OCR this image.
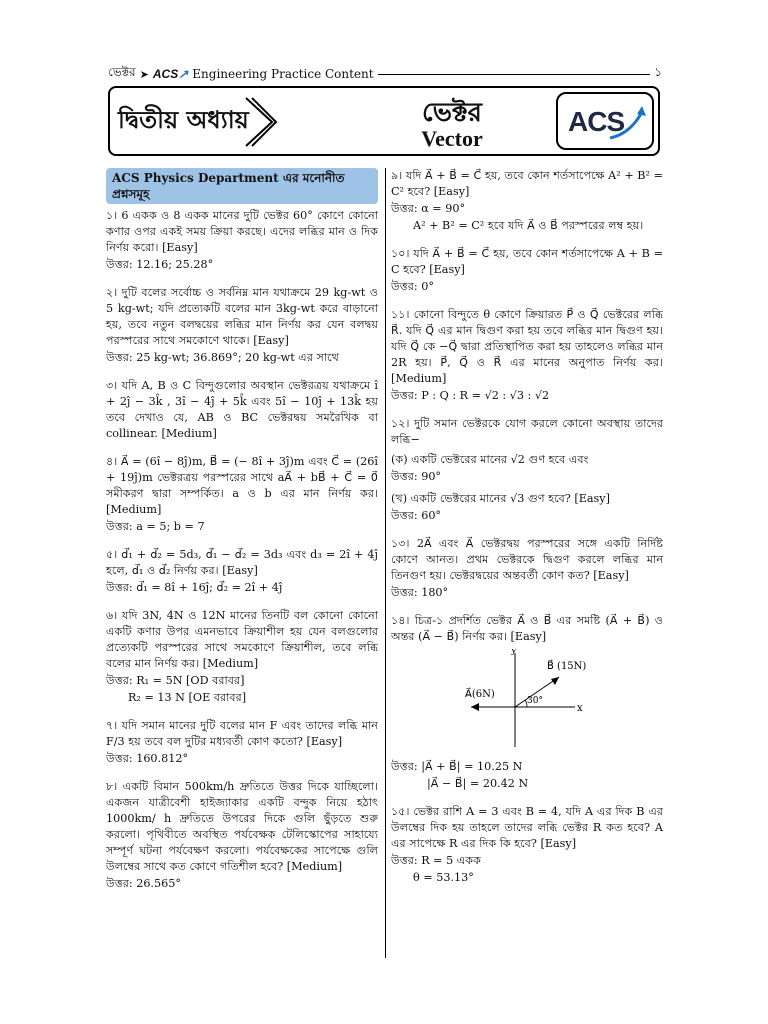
ভেক্টর ➤ ACS↗ Engineering Practice Content	১
দ্বিতীয় অধ্যায়	ভেক্টর
Vector
ACS
ACS Physics Department এর মনোনীত প্রশ্নসমূহ
১। 6 একক ও 8 একক মানের দুটি ভেক্টর 60° কোণে কোনো কণার ওপর একই সময় ক্রিয়া করছে। এদের লব্ধির মান ও দিক নির্ণয় করো। [Easy]
উত্তর: 12.16; 25.28°
২। দুটি বলের সর্বোচ্চ ও সর্বনিম্ন মান যথাক্রমে 29 kg-wt ও 5 kg-wt; যদি প্রত্যেকটি বলের মান 3kg-wt করে বাড়ানো হয়, তবে নতুন বলদ্বয়ের লব্ধির মান নির্ণয় কর যেন বলদ্বয় পরস্পরের সাথে সমকোণে থাকে। [Easy]
উত্তর: 25 kg-wt; 36.869°; 20 kg-wt এর সাথে
৩। যদি A, B ও C বিন্দুগুলোর অবস্থান ভেক্টরত্রয় যথাক্রমে î + 2ĵ − 3k̂ , 3î − 4ĵ + 5k̂ এবং 5î − 10ĵ + 13k̂ হয় তবে দেখাও যে, AB ও BC ভেক্টরদ্বয় সমরৈখিক বা collinear. [Medium]
৪। A⃗ = (6î − 8ĵ)m, B⃗ = (− 8î + 3ĵ)m এবং C⃗ = (26î + 19ĵ)m ভেক্টরত্রয় পরস্পরের সাথে aA⃗ + bB⃗ + C⃗ = 0⃗ সমীকরণ দ্বারা সম্পর্কিত। a ও b এর মান নির্ণয় কর। [Medium]
উত্তর: a = 5; b = 7
৫। d⃗₁ + d⃗₂ = 5d₃, d⃗₁ − d⃗₂ = 3d₃ এবং d₃ = 2î + 4ĵ হলে, d⃗₁ ও d⃗₂ নির্ণয় কর। [Easy]
উত্তর: d⃗₁ = 8î + 16ĵ; d⃗₂ = 2î + 4ĵ
৬। যদি 3N, 4N ও 12N মানের তিনটি বল কোনো কোনো একটি কণার উপর এমনভাবে ক্রিয়াশীল হয় যেন বলগুলোর প্রত্যেকটি পরস্পরের সাথে সমকোণে ক্রিয়াশীল, তবে লব্ধি বলের মান নির্ণয় কর। [Medium]
উত্তর: R₁ = 5N [OD বরাবর]
R₂ = 13 N [OE বরাবর]
৭। যদি সমান মানের দুটি বলের মান F এবং তাদের লব্ধি মান F/3 হয় তবে বল দুটির মধ্যবর্তী কোণ কতো? [Easy]
উত্তর: 160.812°
৮। একটি বিমান 500km/h দ্রুতিতে উত্তর দিকে যাচ্ছিলো। একজন যাত্রীবেশী হাইজ্যাকার একটি বন্দুক নিয়ে হঠাৎ 1000km/ h দ্রুতিতে উপরের দিকে গুলি ছুঁড়তে শুরু করলো। পৃথিবীতে অবস্থিত পর্যবেক্ষক টেলিস্কোপের সাহায্যে সম্পূর্ণ ঘটনা পর্যবেক্ষণ করলো। পর্যবেক্ষকের সাপেক্ষে গুলি উলম্বের সাথে কত কোণে গতিশীল হবে? [Medium]
উত্তর: 26.565°
৯। যদি A⃗ + B⃗ = C⃗ হয়, তবে কোন শর্তসাপেক্ষে A² + B² = C² হবে? [Easy]
উত্তর: α = 90°
A² + B² = C² হবে যদি A⃗ ও B⃗ পরস্পরের লম্ব হয়।
১০। যদি A⃗ + B⃗ = C⃗ হয়, তবে কোন শর্তসাপেক্ষে A + B = C হবে? [Easy]
উত্তর: 0°
১১। কোনো বিন্দুতে θ কোণে ক্রিয়ারত P⃗ ও Q⃗ ভেক্টরের লব্ধি R⃗. যদি Q⃗ এর মান দ্বিগুণ করা হয় তবে লব্ধির মান দ্বিগুণ হয়। যদি Q⃗ কে −Q⃗ দ্বারা প্রতিস্থাপিত করা হয় তাহলেও লব্ধির মান 2R হয়। P⃗, Q⃗ ও R⃗ এর মানের অনুপাত নির্ণয় কর। [Medium]
উত্তর: P : Q : R = √2 : √3 : √2
১২। দুটি সমান ভেক্টরকে যোগ করলে কোনো অবস্থায় তাদের লব্ধি−
(ক) একটি ভেক্টরের মানের √2 গুণ হবে এবং
উত্তর: 90°
(খ) একটি ভেক্টরের মানের √3 গুণ হবে? [Easy]
উত্তর: 60°
১৩। 2A⃗ এবং A⃗ ভেক্টরদ্বয় পরস্পরের সঙ্গে একটি নির্দিষ্ট কোণে আনত। প্রথম ভেক্টরকে দ্বিগুণ করলে লব্ধির মান তিনগুণ হয়। ভেক্টরদ্বয়ের অন্তবর্তী কোণ কত? [Easy]
উত্তর: 180°
১৪। চিত্র-১ প্রদর্শিত ভেক্টর A⃗ ও B⃗ এর সমষ্টি (A⃗ + B⃗) ও অন্তর (A⃗ − B⃗) নির্ণয় কর। [Easy]
y
x
B⃗ (15N)
A⃗(6N)
30°
উত্তর: |A⃗ + B⃗| = 10.25 N
|A⃗ − B⃗| = 20.42 N
১৫। ভেক্টর রাশি A = 3 এবং B = 4, যদি A এর দিক B এর উলম্বের দিক হয় তাহলে তাদের লব্ধি ভেক্টর R কত হবে? A এর সাপেক্ষে R এর দিক কি হবে? [Easy]
উত্তর: R = 5 একক
θ = 53.13°
